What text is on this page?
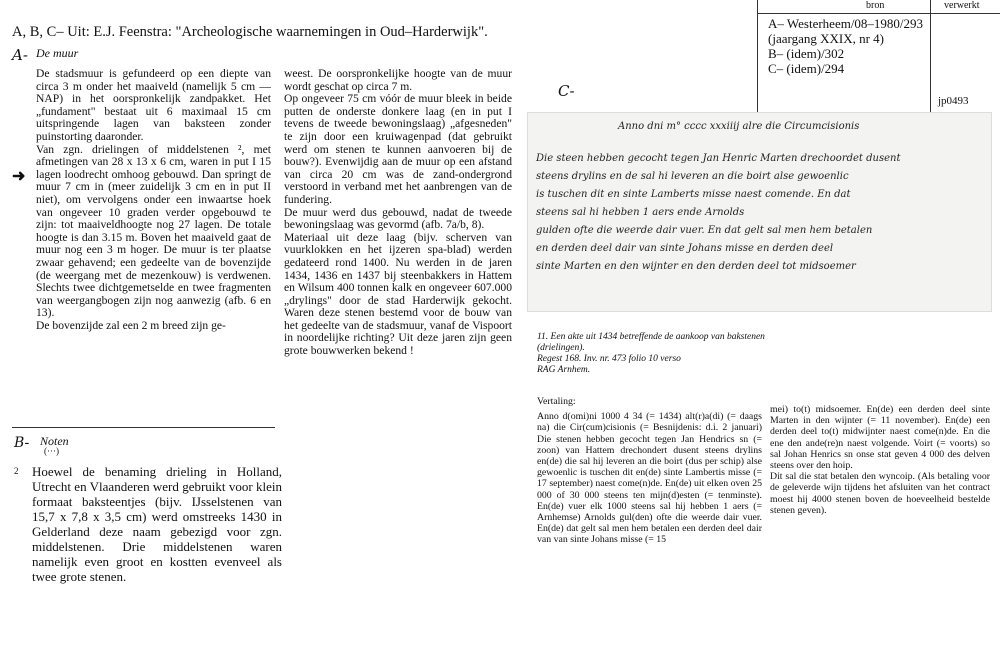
A, B, C– Uit: E.J. Feenstra: "Archeologische waarnemingen in Oud–Harderwijk".
A- De muur
➜

De stadsmuur is gefundeerd op een diepte van circa 3 m onder het maaiveld (namelijk 5 cm —NAP) in het oorspronkelijk zandpakket. Het „fundament" bestaat uit 6 maximaal 15 cm uitspringende lagen van baksteen zonder puinstorting daaronder.

Van zgn. drielingen of middelstenen ², met afmetingen van 28 x 13 x 6 cm, waren in put I 15 lagen loodrecht omhoog gebouwd. Dan springt de muur 7 cm in (meer zuidelijk 3 cm en in put II niet), om vervolgens onder een inwaartse hoek van ongeveer 10 graden verder opgebouwd te zijn: tot maaiveldhoogte nog 27 lagen. De totale hoogte is dan 3.15 m. Boven het maaiveld gaat de muur nog een 3 m hoger. De muur is ter plaatse zwaar gehavend; een gedeelte van de bovenzijde (de weergang met de mezenkouw) is verdwenen. Slechts twee dichtgemetselde en twee fragmenten van weergangbogen zijn nog aanwezig (afb. 6 en 13).

De bovenzijde zal een 2 m breed zijn ge-

weest. De oorspronkelijke hoogte van de muur wordt geschat op circa 7 m.

Op ongeveer 75 cm vóór de muur bleek in beide putten de onderste donkere laag (en in put I tevens de tweede bewoningslaag) „afgesneden" te zijn door een kruiwagenpad (dat gebruikt werd om stenen te kunnen aanvoeren bij de bouw?). Evenwijdig aan de muur op een afstand van circa 20 cm was de zand-ondergrond verstoord in verband met het aanbrengen van de fundering.

De muur werd dus gebouwd, nadat de tweede bewoningslaag was gevormd (afb. 7a/b, 8).

Materiaal uit deze laag (bijv. scherven van vuurklokken en het ijzeren spa-blad) werden gedateerd rond 1400. Nu werden in de jaren 1434, 1436 en 1437 bij steenbakkers in Hattem en Wilsum 400 tonnen kalk en ongeveer 607.000 „drylings" door de stad Harderwijk gekocht. Waren deze stenen bestemd voor de bouw van het gedeelte van de stadsmuur, vanaf de Vispoort in noordelijke richting? Uit deze jaren zijn geen grote bouwwerken bekend !

B- Noten
(···)
2 Hoewel de benaming drieling in Holland, Utrecht en Vlaanderen werd gebruikt voor klein formaat baksteentjes (bijv. IJsselstenen van 15,7 x 7,8 x 3,5 cm) werd omstreeks 1430 in Gelderland deze naam gebezigd voor zgn. middelstenen. Drie middelstenen waren namelijk even groot en kostten evenveel als twee grote stenen.
bron	verwerkt
A– Westerheem/08–1980/293 (jaargang XXIX, nr 4)
B– (idem)/302
C– (idem)/294
jp0493
C-
Anno dni m° cccc xxxiiij alre die Circumcisionis
Die steen hebben gecocht tegen Jan Henric Marten drechoordet dusent
steens drylins en de sal hi leveren an die boirt alse gewoenlic
is tuschen dit en sinte Lamberts misse naest comende. En dat
steens sal hi hebben 1 aers ende Arnolds
gulden ofte die weerde dair vuer. En dat gelt sal men hem betalen
en derden deel dair van sinte Johans misse en derden deel
sinte Marten en den wijnter en den derden deel tot midsoemer
11. Een akte uit 1434 betreffende de aankoop van bakstenen (drielingen).
Regest 168. Inv. nr. 473 folio 10 verso
RAG Arnhem.

Vertaling:

Anno d(omi)ni 1000 4 34 (= 1434) alt(r)a(di) (= daags na) die Cir(cum)cisionis (= Besnijdenis: d.i. 2 januari) Die stenen hebben gecocht tegen Jan Hendrics sn (= zoon) van Hattem drechondert dusent steens drylins en(de) die sal hij leveren an die boirt (dus per schip) alse gewoenlic is tuschen dit en(de) sinte Lambertis misse (= 17 september) naest come(n)de. En(de) uit elken oven 25 000 of 30 000 steens ten mijn(d)esten (= tenminste). En(de) vuer elk 1000 steens sal hij hebben 1 aers (= Arnhemse) Arnolds gul(den) ofte die weerde dair vuer. En(de) dat gelt sal men hem betalen een derden deel dair van van sinte Johans misse (= 15

mei) to(t) midsoemer. En(de) een derden deel sinte Marten in den wijnter (= 11 november). En(de) een derden deel to(t) midwijnter naest come(n)de. En die ene den ande(re)n naest volgende. Voirt (= voorts) so sal Johan Henrics sn onse stat geven 4 000 des delven steens over den hoip.
Dit sal die stat betalen den wyncoip. (Als betaling voor de geleverde wijn tijdens het afsluiten van het contract moest hij 4000 stenen boven de hoeveelheid bestelde stenen geven).
